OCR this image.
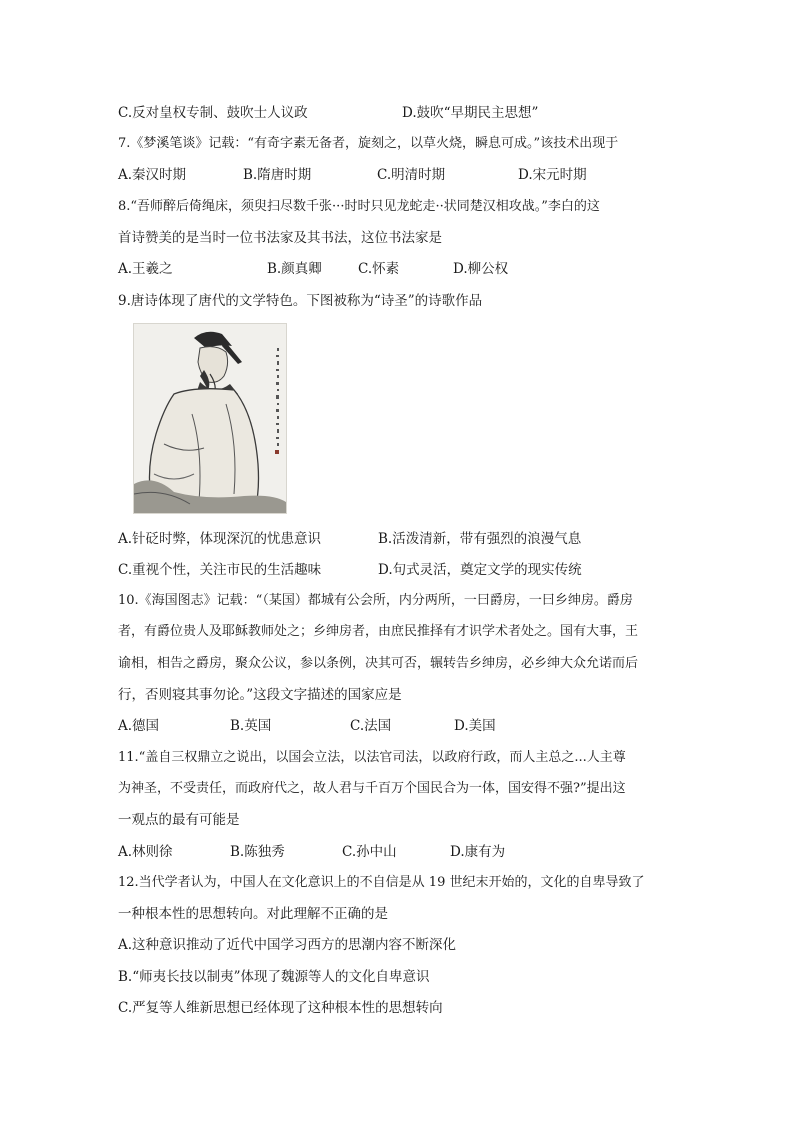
C.反对皇权专制、鼓吹士人议政	D.鼓吹“早期民主思想”
7.《梦溪笔谈》记载：“有奇字素无备者，旋刻之，以草火烧，瞬息可成。”该技术出现于
A.秦汉时期	B.隋唐时期	C.明清时期	D.宋元时期
8.“吾师醉后倚绳床，须臾扫尽数千张···时时只见龙蛇走··状同楚汉相攻战。”李白的这
首诗赞美的是当时一位书法家及其书法，这位书法家是
A.王羲之	B.颜真卿	C.怀素	D.柳公权
9.唐诗体现了唐代的文学特色。下图被称为“诗圣”的诗歌作品
A.针砭时弊，体现深沉的忧患意识	B.活泼清新，带有强烈的浪漫气息
C.重视个性，关注市民的生活趣味	D.句式灵活，奠定文学的现实传统
10.《海国图志》记载：“（某国）都城有公会所，内分两所，一曰爵房，一曰乡绅房。爵房
者，有爵位贵人及耶稣教师处之；乡绅房者，由庶民推择有才识学术者处之。国有大事，王
谕相，相告之爵房，聚众公议，参以条例，决其可否，辗转告乡绅房，必乡绅大众允诺而后
行，否则寝其事勿论。”这段文字描述的国家应是
A.德国	B.英国	C.法国	D.美国
11.“盖自三权鼎立之说出，以国会立法，以法官司法，以政府行政，而人主总之...人主尊
为神圣，不受责任，而政府代之，故人君与千百万个国民合为一体，国安得不强?”提出这
一观点的最有可能是
A.林则徐	B.陈独秀	C.孙中山	D.康有为
12.当代学者认为，中国人在文化意识上的不自信是从 19 世纪末开始的，文化的自卑导致了
一种根本性的思想转向。对此理解不正确的是
A.这种意识推动了近代中国学习西方的思潮内容不断深化
B.“师夷长技以制夷”体现了魏源等人的文化自卑意识
C.严复等人维新思想已经体现了这种根本性的思想转向
